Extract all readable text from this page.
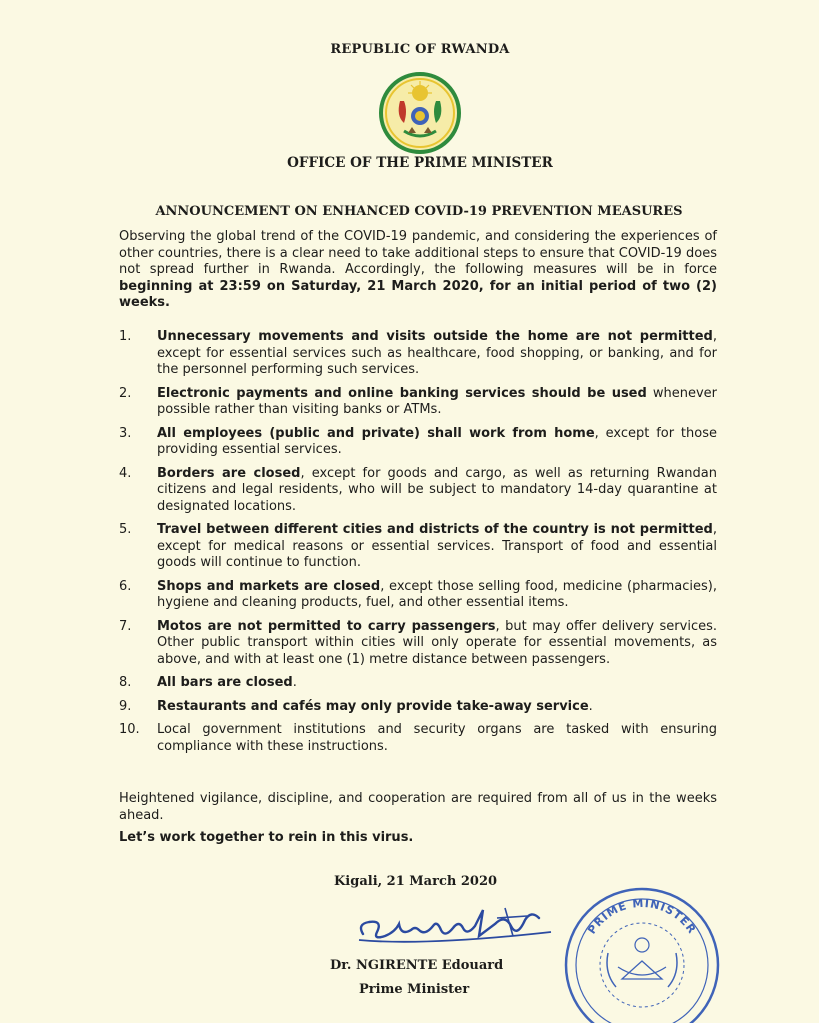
REPUBLIC OF RWANDA
OFFICE OF THE PRIME MINISTER
ANNOUNCEMENT ON ENHANCED COVID-19 PREVENTION MEASURES
Observing the global trend of the COVID-19 pandemic, and considering the experiences of other countries, there is a clear need to take additional steps to ensure that COVID-19 does not spread further in Rwanda. Accordingly, the following measures will be in force beginning at 23:59 on Saturday, 21 March 2020, for an initial period of two (2) weeks.
1. Unnecessary movements and visits outside the home are not permitted, except for essential services such as healthcare, food shopping, or banking, and for the personnel performing such services.
2. Electronic payments and online banking services should be used whenever possible rather than visiting banks or ATMs.
3. All employees (public and private) shall work from home, except for those providing essential services.
4. Borders are closed, except for goods and cargo, as well as returning Rwandan citizens and legal residents, who will be subject to mandatory 14-day quarantine at designated locations.
5. Travel between different cities and districts of the country is not permitted, except for medical reasons or essential services. Transport of food and essential goods will continue to function.
6. Shops and markets are closed, except those selling food, medicine (pharmacies), hygiene and cleaning products, fuel, and other essential items.
7. Motos are not permitted to carry passengers, but may offer delivery services. Other public transport within cities will only operate for essential movements, as above, and with at least one (1) metre distance between passengers.
8. All bars are closed.
9. Restaurants and cafés may only provide take-away service.
10. Local government institutions and security organs are tasked with ensuring compliance with these instructions.
Heightened vigilance, discipline, and cooperation are required from all of us in the weeks ahead.
Let’s work together to rein in this virus.
Kigali, 21 March 2020
Dr. NGIRENTE Edouard
Prime Minister
PRIME MINISTER
